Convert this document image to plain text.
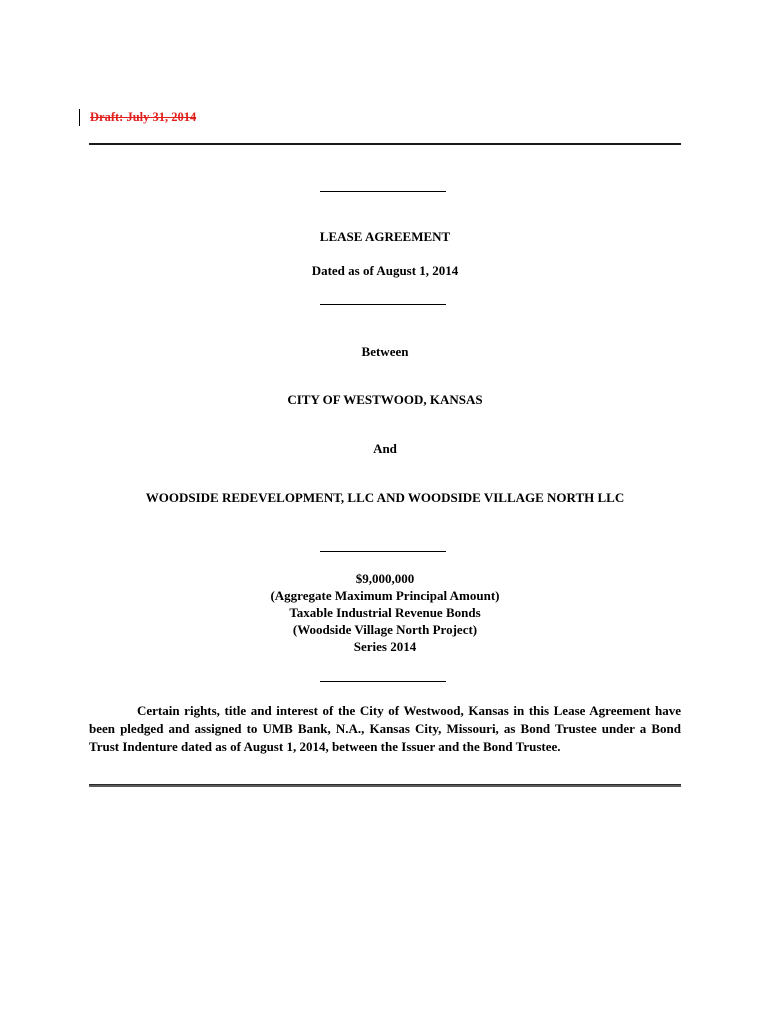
Draft: July 31, 2014
LEASE AGREEMENT
Dated as of August 1, 2014
Between
CITY OF WESTWOOD, KANSAS
And
WOODSIDE REDEVELOPMENT, LLC AND WOODSIDE VILLAGE NORTH LLC
$9,000,000
(Aggregate Maximum Principal Amount)
Taxable Industrial Revenue Bonds
(Woodside Village North Project)
Series 2014
Certain rights, title and interest of the City of Westwood, Kansas in this Lease Agreement have been pledged and assigned to UMB Bank, N.A., Kansas City, Missouri, as Bond Trustee under a Bond Trust Indenture dated as of August 1, 2014, between the Issuer and the Bond Trustee.
